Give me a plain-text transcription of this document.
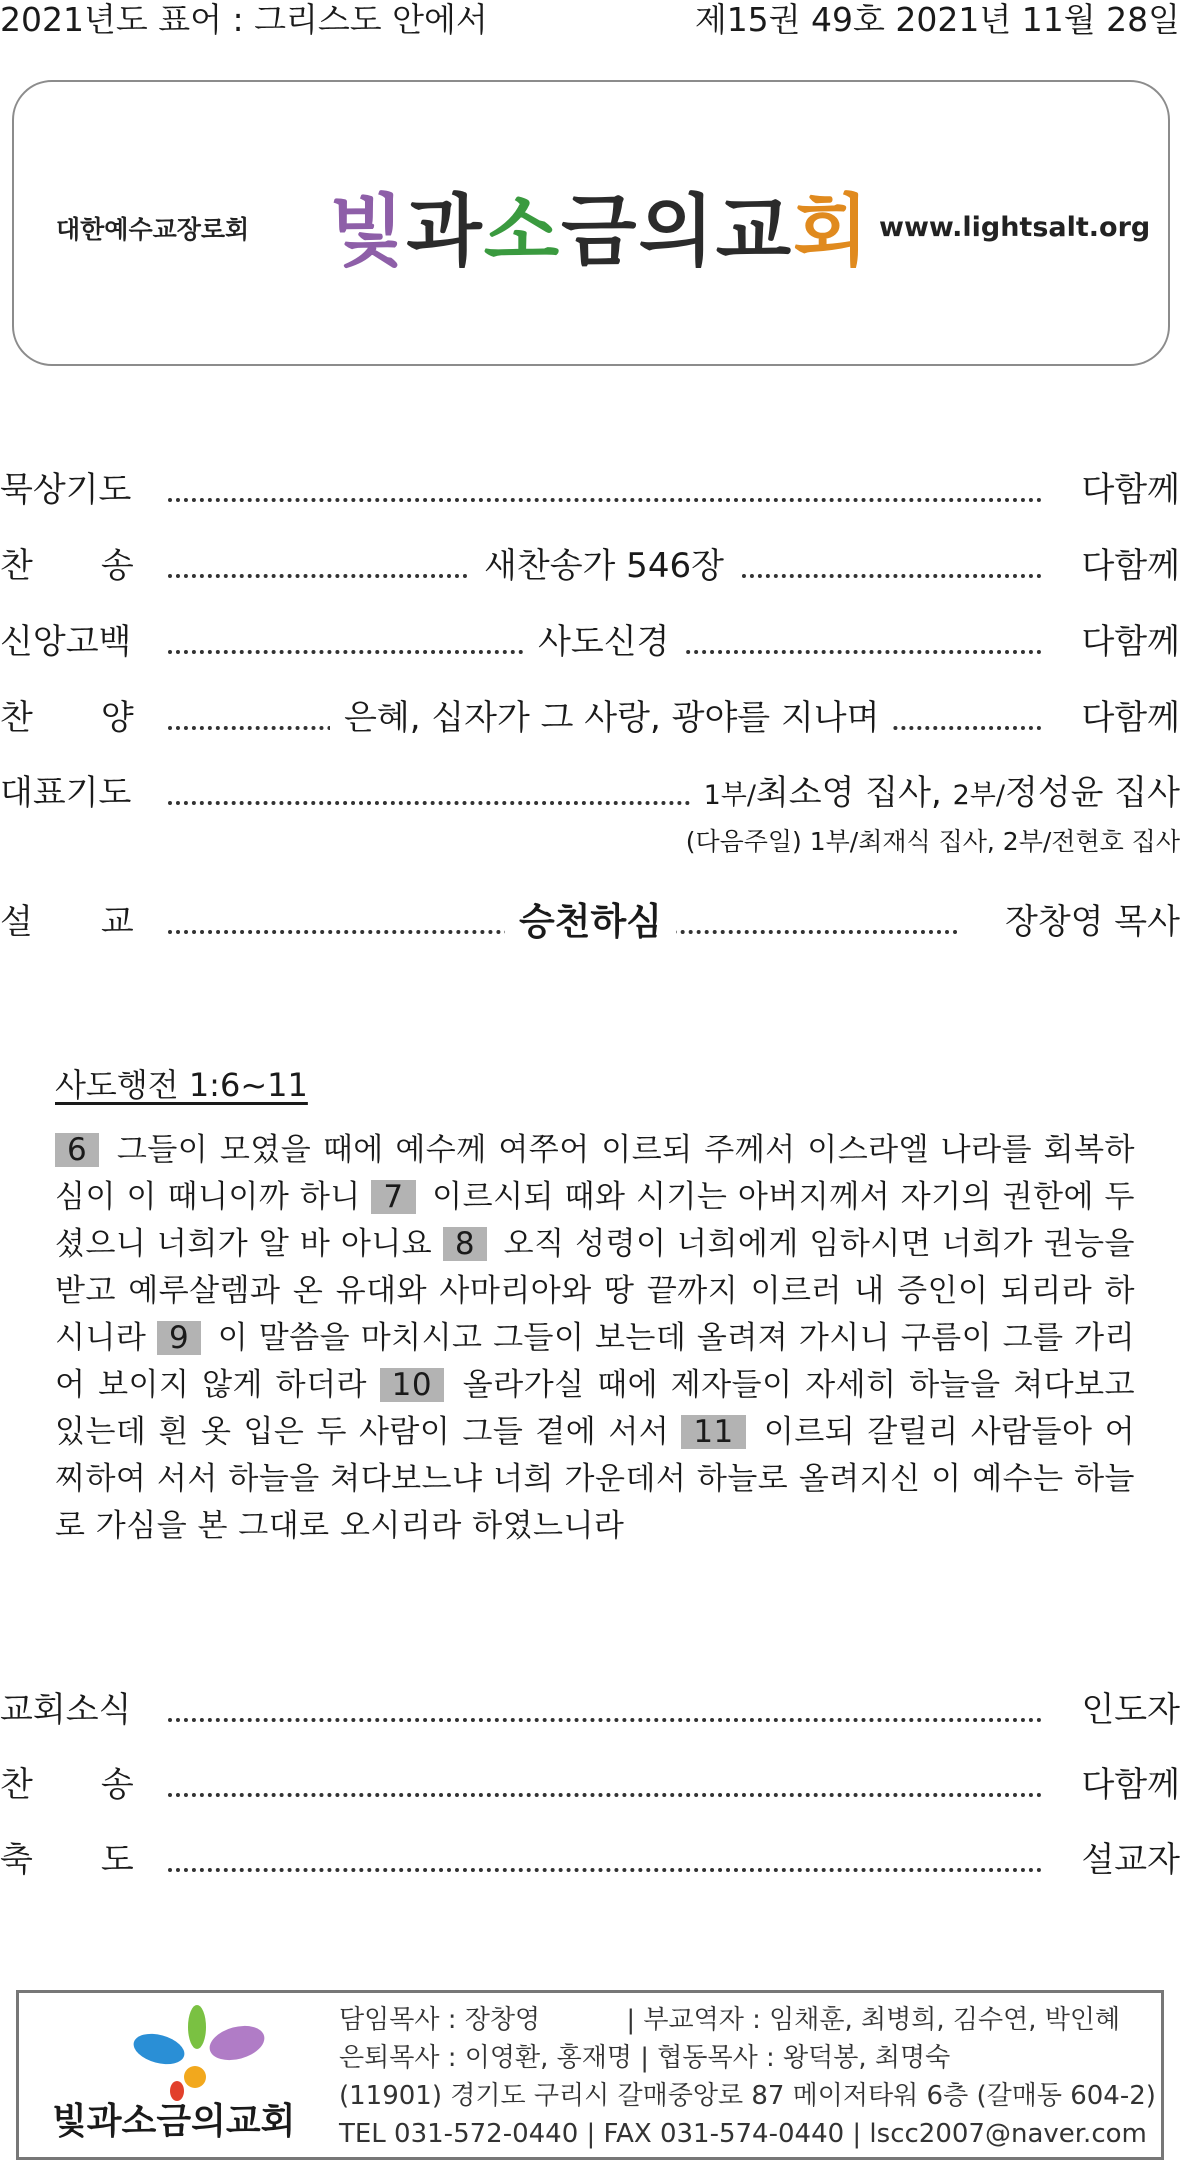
2021년도 표어 : 그리스도 안에서	제15권 49호 2021년 11월 28일
대한예수교장로회 빛과소금의교회 www.lightsalt.org
묵상기도	다함께
찬　　송	새찬송가 546장	다함께
신앙고백	사도신경	다함께
찬　　양	은혜, 십자가 그 사랑, 광야를 지나며	다함께
대표기도	1부/최소영 집사, 2부/정성윤 집사
(다음주일) 1부/최재식 집사, 2부/전현호 집사
설　　교	승천하심	장창영 목사
사도행전 1:6~11
6 그들이 모였을 때에 예수께 여쭈어 이르되 주께서 이스라엘 나라를 회복하심이 이 때니이까 하니 7 이르시되 때와 시기는 아버지께서 자기의 권한에 두셨으니 너희가 알 바 아니요 8 오직 성령이 너희에게 임하시면 너희가 권능을 받고 예루살렘과 온 유대와 사마리아와 땅 끝까지 이르러 내 증인이 되리라 하시니라 9 이 말씀을 마치시고 그들이 보는데 올려져 가시니 구름이 그를 가리어 보이지 않게 하더라 10 올라가실 때에 제자들이 자세히 하늘을 쳐다보고 있는데 흰 옷 입은 두 사람이 그들 곁에 서서 11 이르되 갈릴리 사람들아 어찌하여 서서 하늘을 쳐다보느냐 너희 가운데서 하늘로 올려지신 이 예수는 하늘로 가심을 본 그대로 오시리라 하였느니라
교회소식	인도자
찬　　송	다함께
축　　도	설교자
빛과소금의교회
담임목사 : 장창영　　　 | 부교역자 : 임채훈, 최병희, 김수연, 박인혜
은퇴목사 : 이영환, 홍재명 | 협동목사 : 왕덕봉, 최명숙
(11901) 경기도 구리시 갈매중앙로 87 메이저타워 6층 (갈매동 604-2)
TEL 031-572-0440 | FAX 031-574-0440 | lscc2007@naver.com
